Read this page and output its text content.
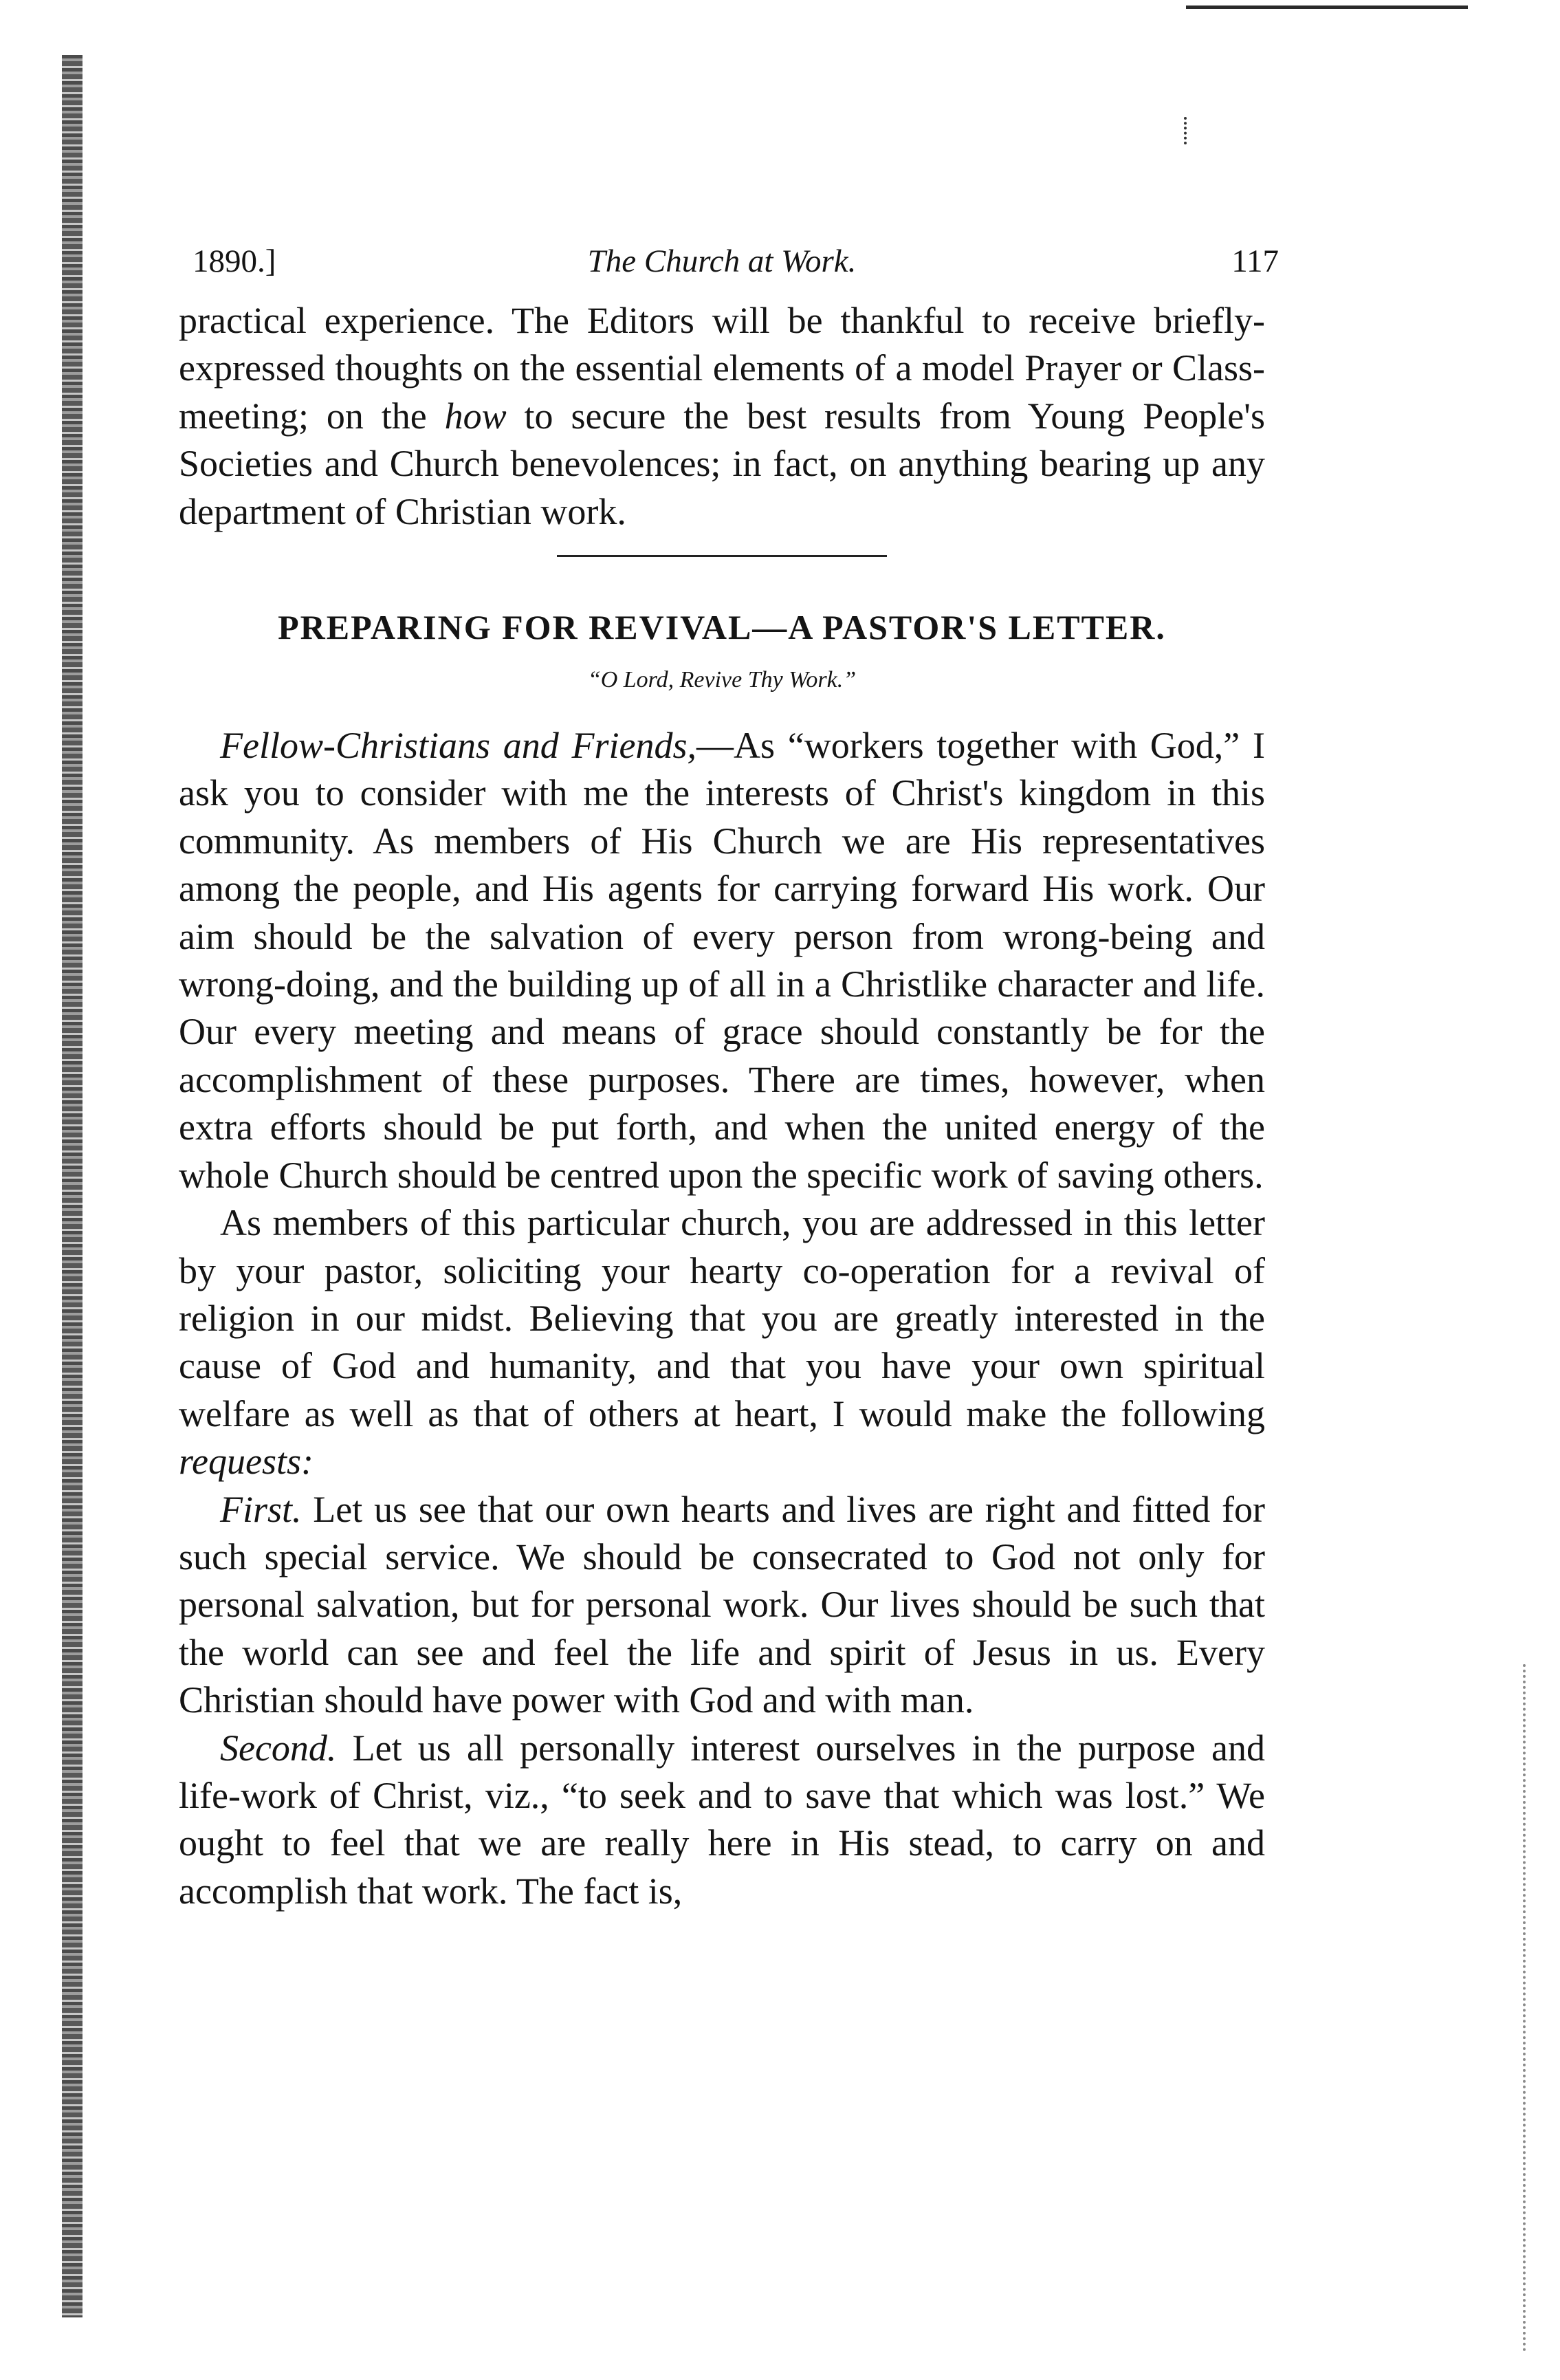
1890.]	The Church at Work.	117

practical experience. The Editors will be thankful to receive briefly-expressed thoughts on the essential elements of a model Prayer or Class-meeting; on the how to secure the best results from Young People's Societies and Church benevolences; in fact, on anything bearing up any department of Christian work.

PREPARING FOR REVIVAL—A PASTOR'S LETTER.
“O Lord, Revive Thy Work.”

Fellow-Christians and Friends,—As “workers together with God,” I ask you to consider with me the interests of Christ's kingdom in this community. As members of His Church we are His representatives among the people, and His agents for carrying forward His work. Our aim should be the salvation of every person from wrong-being and wrong-doing, and the building up of all in a Christlike character and life. Our every meeting and means of grace should constantly be for the accomplishment of these purposes. There are times, however, when extra efforts should be put forth, and when the united energy of the whole Church should be centred upon the specific work of saving others.

As members of this particular church, you are addressed in this letter by your pastor, soliciting your hearty co-operation for a revival of religion in our midst. Believing that you are greatly interested in the cause of God and humanity, and that you have your own spiritual welfare as well as that of others at heart, I would make the following requests:

First. Let us see that our own hearts and lives are right and fitted for such special service. We should be consecrated to God not only for personal salvation, but for personal work. Our lives should be such that the world can see and feel the life and spirit of Jesus in us. Every Christian should have power with God and with man.

Second. Let us all personally interest ourselves in the purpose and life-work of Christ, viz., “to seek and to save that which was lost.” We ought to feel that we are really here in His stead, to carry on and accomplish that work. The fact is,
